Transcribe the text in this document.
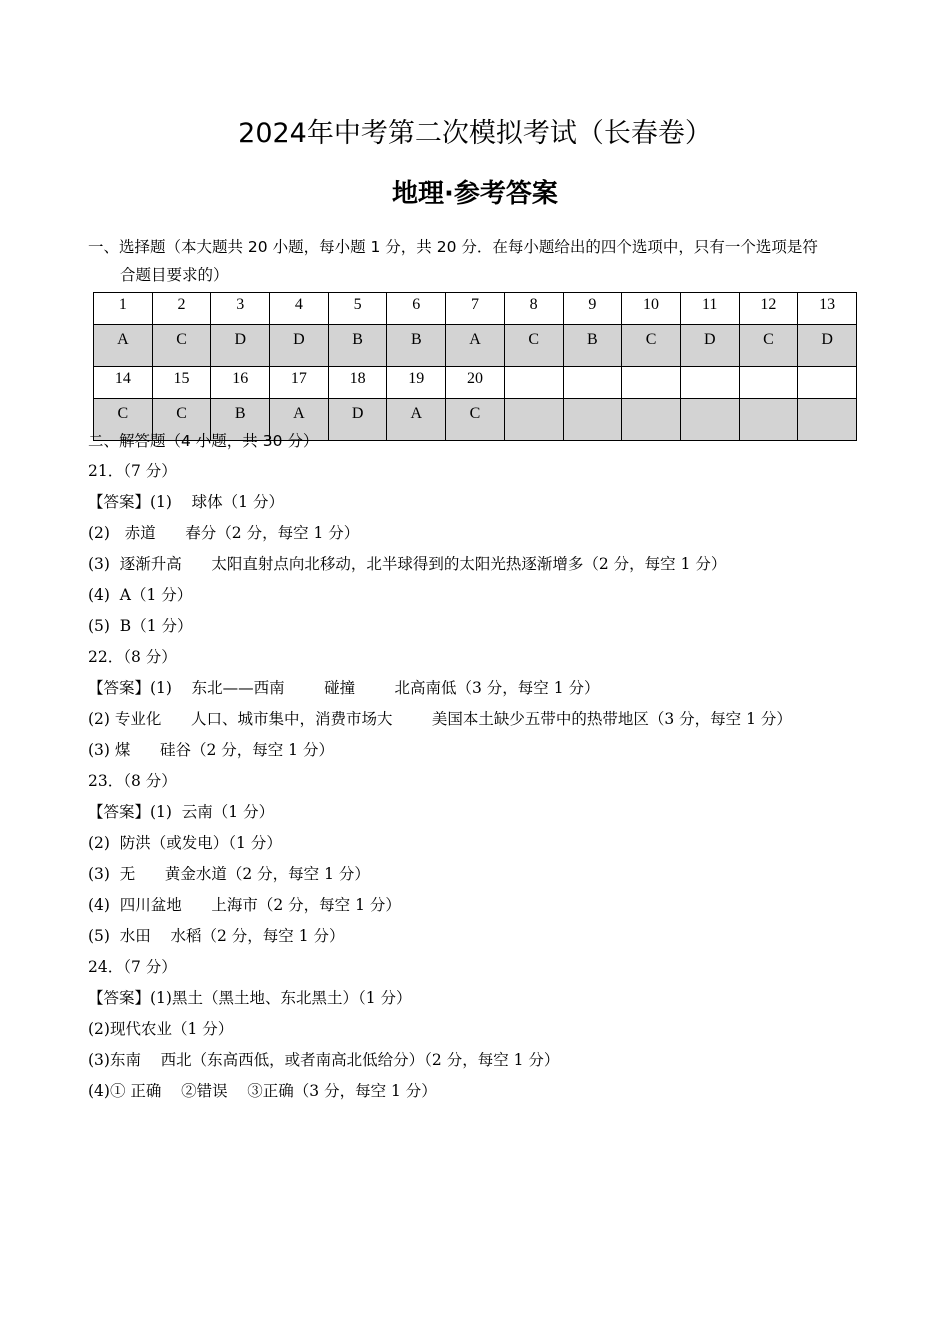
2024年中考第二次模拟考试（长春卷）
地理·参考答案
一、选择题（本大题共 20 小题，每小题 1 分，共 20 分．在每小题给出的四个选项中，只有一个选项是符
合题目要求的）
1	2	3	4	5	6	7	8	9	10	11	12	13
A	C	D	D	B	B	A	C	B	C	D	C	D
14	15	16	17	18	19	20						
C	C	B	A	D	A	C						
二、解答题（4 小题，共 30 分）
21．（7 分）
【答案】(1)    球体（1 分）
(2)   赤道      春分（2 分，每空 1 分）
(3)  逐渐升高      太阳直射点向北移动，北半球得到的太阳光热逐渐增多（2 分，每空 1 分）
(4)  A（1 分）
(5)  B（1 分）
22．（8 分）
【答案】(1)    东北——西南        碰撞        北高南低（3 分，每空 1 分）
(2) 专业化      人口、城市集中，消费市场大        美国本土缺少五带中的热带地区（3 分，每空 1 分）
(3) 煤      硅谷（2 分，每空 1 分）
23．（8 分）
【答案】(1)  云南（1 分）
(2)  防洪（或发电）（1 分）
(3)  无      黄金水道（2 分，每空 1 分）
(4)  四川盆地      上海市（2 分，每空 1 分）
(5)  水田    水稻（2 分，每空 1 分）
24．（7 分）
【答案】(1)黑土（黑土地、东北黑土）（1 分）
(2)现代农业（1 分）
(3)东南    西北（东高西低，或者南高北低给分）（2 分，每空 1 分）
(4)① 正确    ②错误    ③正确（3 分，每空 1 分）
